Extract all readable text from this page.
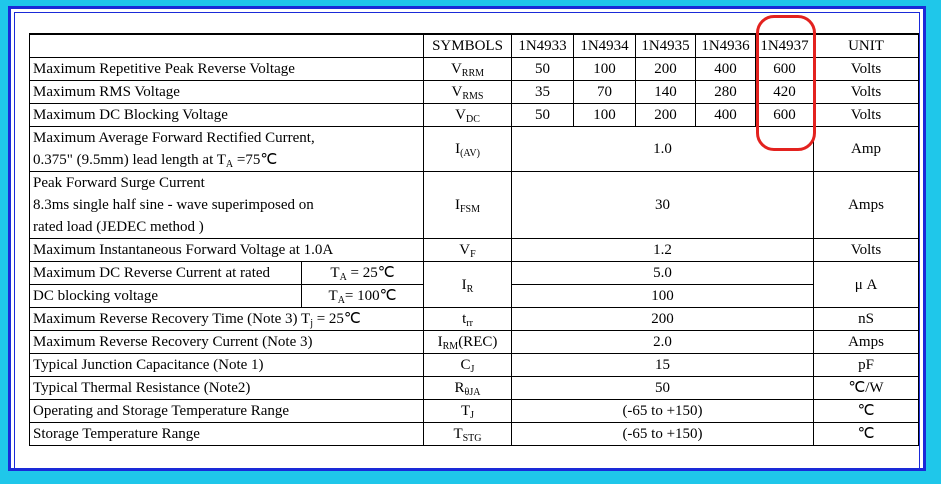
		SYMBOLS	1N4933	1N4934	1N4935	1N4936	1N4937	UNIT
Maximum Repetitive Peak Reverse Voltage		$V_{RRM}$	50	100	200	400	600	Volts
Maximum RMS Voltage		$V_{RMS}$	35	70	140	280	420	Volts
Maximum DC Blocking Voltage		$V_{DC}$	50	100	200	400	600	Volts

Maximum Average Forward Rectified Current,
0.375" (9.5mm) lead length at $T_A$ =75℃		$I_{(AV)}$	1.0					Amp

Peak Forward Surge Current
8.3ms single half sine - wave superimposed on
rated load (JEDEC method )		$I_{FSM}$	30					Amps
Maximum Instantaneous Forward Voltage at 1.0A		$V_F$	1.2					Volts
Maximum DC Reverse Current at rated	$T_A$ = 25℃	$I_R$	5.0					μ A
DC blocking voltage	$T_A=$ 100℃		100					
Maximum Reverse Recovery Time (Note 3) $T_j$ = 25℃		$t_{rr}$	200					nS
Maximum Reverse Recovery Current (Note 3)		$I_{RM}(REC)$	2.0					Amps
Typical Junction Capacitance (Note 1)		$C_J$	15					pF
Typical Thermal Resistance (Note2)		$R_{\theta JA}$	50					℃/W
Operating and Storage Temperature Range		$T_J$	(-65 to +150)					℃
Storage Temperature Range		$T_{STG}$	(-65 to +150)					℃
